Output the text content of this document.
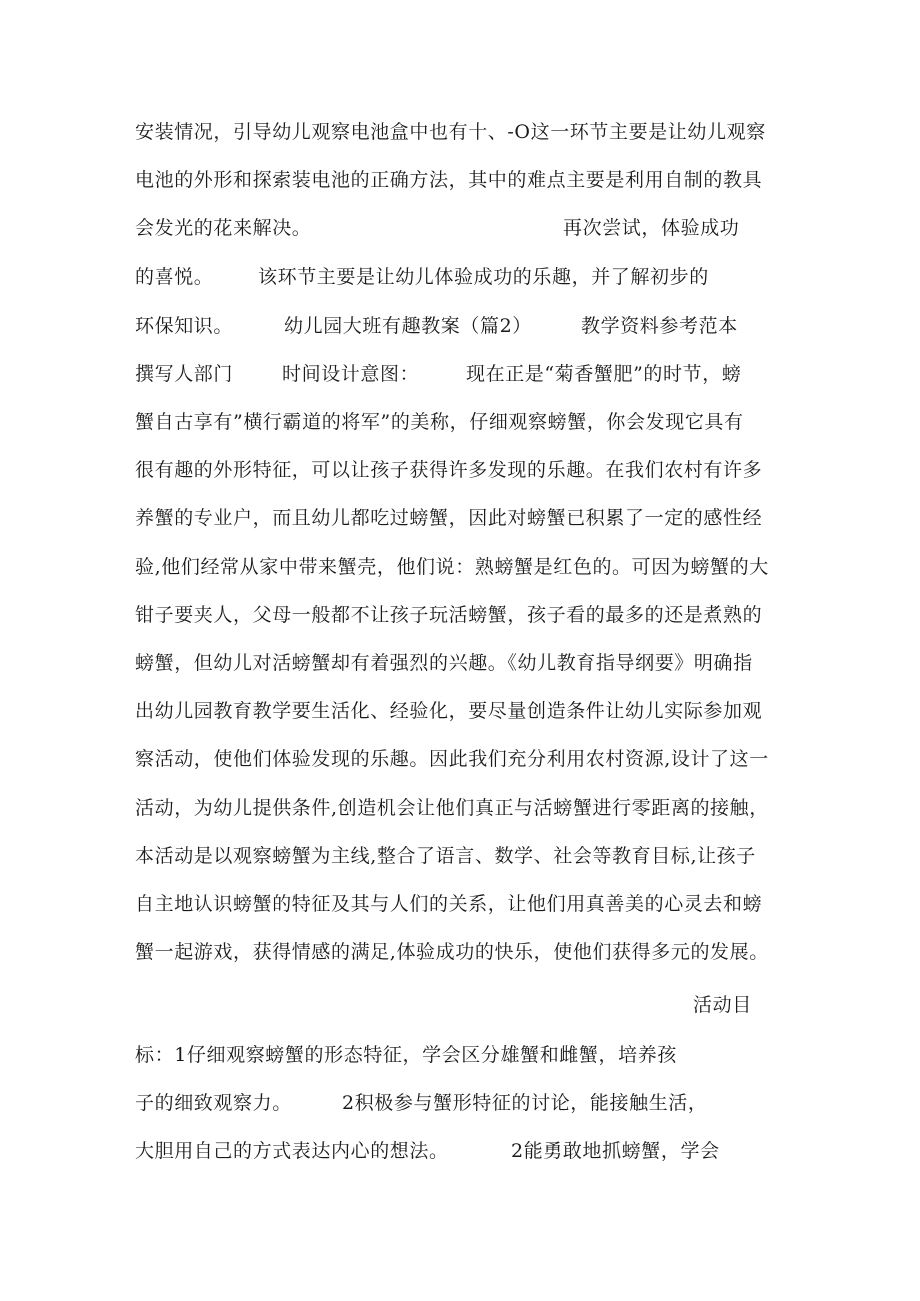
安装情况，引导幼儿观察电池盒中也有十、-O这一环节主要是让幼儿观察

电池的外形和探索装电池的正确方法，其中的难点主要是利用自制的教具

会发光的花来解决。

	再次尝试，体验成功

的喜悦。

该环节主要是让幼儿体验成功的乐趣，并了解初步的

环保知识。

	幼儿园大班有趣教案（篇2）

	教学资料参考范本

撰写人部门

	时间设计意图：

现在正是“菊香蟹肥”的时节，螃

蟹自古享有”横行霸道的将军”的美称，仔细观察螃蟹，你会发现它具有

很有趣的外形特征，可以让孩子获得许多发现的乐趣。在我们农村有许多

养蟹的专业户，而且幼儿都吃过螃蟹，因此对螃蟹已积累了一定的感性经

验,他们经常从家中带来蟹壳，他们说：熟螃蟹是红色的。可因为螃蟹的大

钳子要夹人，父母一般都不让孩子玩活螃蟹，孩子看的最多的还是煮熟的

螃蟹，但幼儿对活螃蟹却有着强烈的兴趣。《幼儿教育指导纲要》明确指

出幼儿园教育教学要生活化、经验化，要尽量创造条件让幼儿实际参加观

察活动，使他们体验发现的乐趣。因此我们充分利用农村资源,设计了这一

活动，为幼儿提供条件,创造机会让他们真正与活螃蟹进行零距离的接触，

本活动是以观察螃蟹为主线,整合了语言、数学、社会等教育目标,让孩子

自主地认识螃蟹的特征及其与人们的关系，让他们用真善美的心灵去和螃

蟹一起游戏，获得情感的满足,体验成功的快乐，使他们获得多元的发展。

活动目

标：1仔细观察螃蟹的形态特征，学会区分雄蟹和雌蟹，培养孩

子的细致观察力。

	2积极参与蟹形特征的讨论，能接触生活，

大胆用自己的方式表达内心的想法。

	2能勇敢地抓螃蟹，学会
